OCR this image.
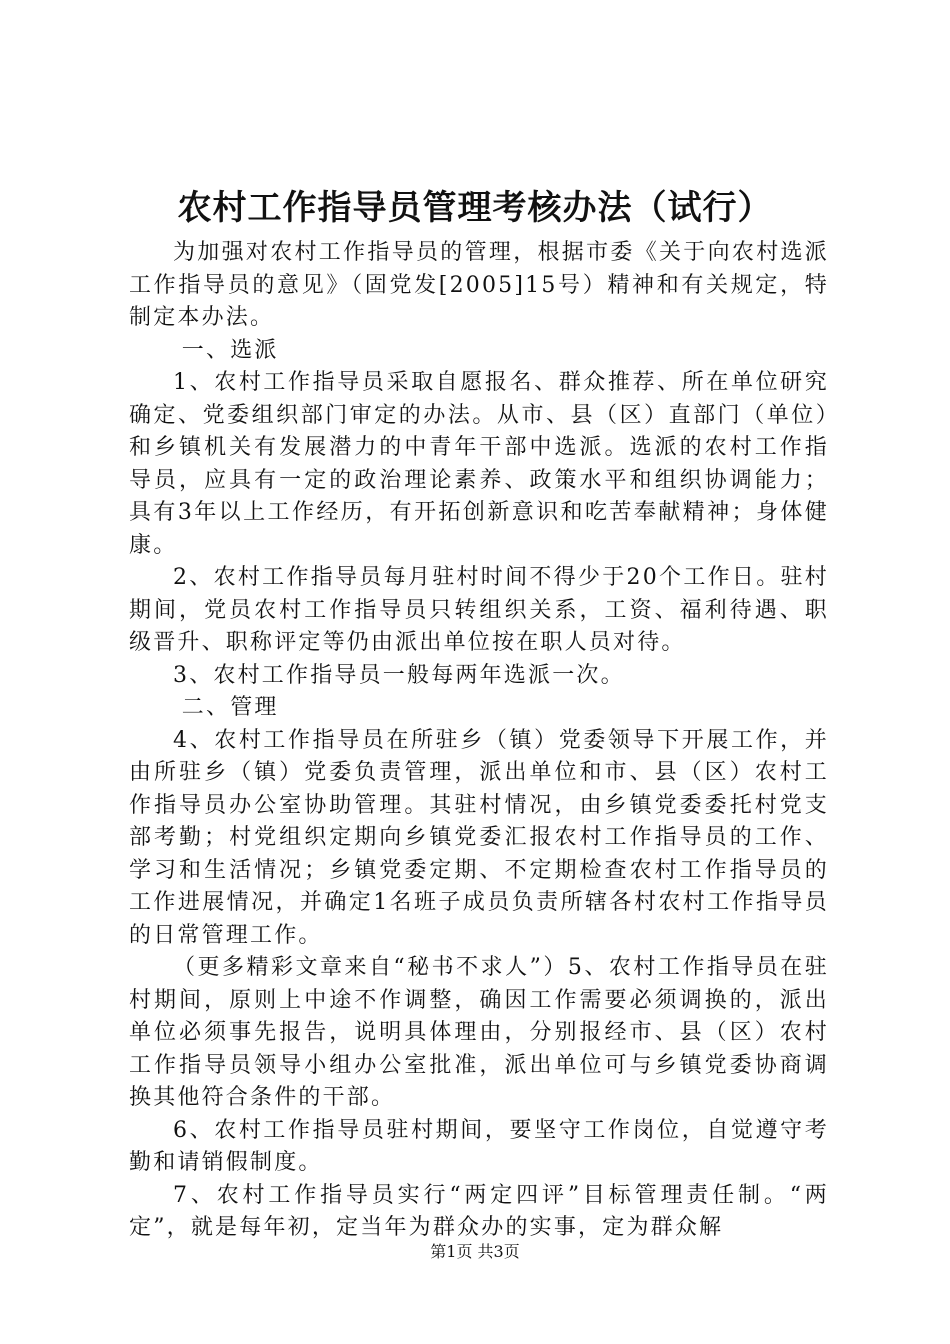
农村工作指导员管理考核办法（试行）

为加强对农村工作指导员的管理，根据市委《关于向农村选派工作指导员的意见》（固党发[2005]15号）精神和有关规定，特制定本办法。

一、选派

1、农村工作指导员采取自愿报名、群众推荐、所在单位研究确定、党委组织部门审定的办法。从市、县（区）直部门（单位）和乡镇机关有发展潜力的中青年干部中选派。选派的农村工作指导员，应具有一定的政治理论素养、政策水平和组织协调能力；具有3年以上工作经历，有开拓创新意识和吃苦奉献精神；身体健康。

2、农村工作指导员每月驻村时间不得少于20个工作日。驻村期间，党员农村工作指导员只转组织关系，工资、福利待遇、职级晋升、职称评定等仍由派出单位按在职人员对待。

3、农村工作指导员一般每两年选派一次。

二、管理

4、农村工作指导员在所驻乡（镇）党委领导下开展工作，并由所驻乡（镇）党委负责管理，派出单位和市、县（区）农村工作指导员办公室协助管理。其驻村情况，由乡镇党委委托村党支部考勤；村党组织定期向乡镇党委汇报农村工作指导员的工作、学习和生活情况；乡镇党委定期、不定期检查农村工作指导员的工作进展情况，并确定1名班子成员负责所辖各村农村工作指导员的日常管理工作。

（更多精彩文章来自“秘书不求人”）5、农村工作指导员在驻村期间，原则上中途不作调整，确因工作需要必须调换的，派出单位必须事先报告，说明具体理由，分别报经市、县（区）农村工作指导员领导小组办公室批准，派出单位可与乡镇党委协商调换其他符合条件的干部。

6、农村工作指导员驻村期间，要坚守工作岗位，自觉遵守考勤和请销假制度。

7、农村工作指导员实行“两定四评”目标管理责任制。“两定”，就是每年初，定当年为群众办的实事，定为群众解

第1页 共3页
